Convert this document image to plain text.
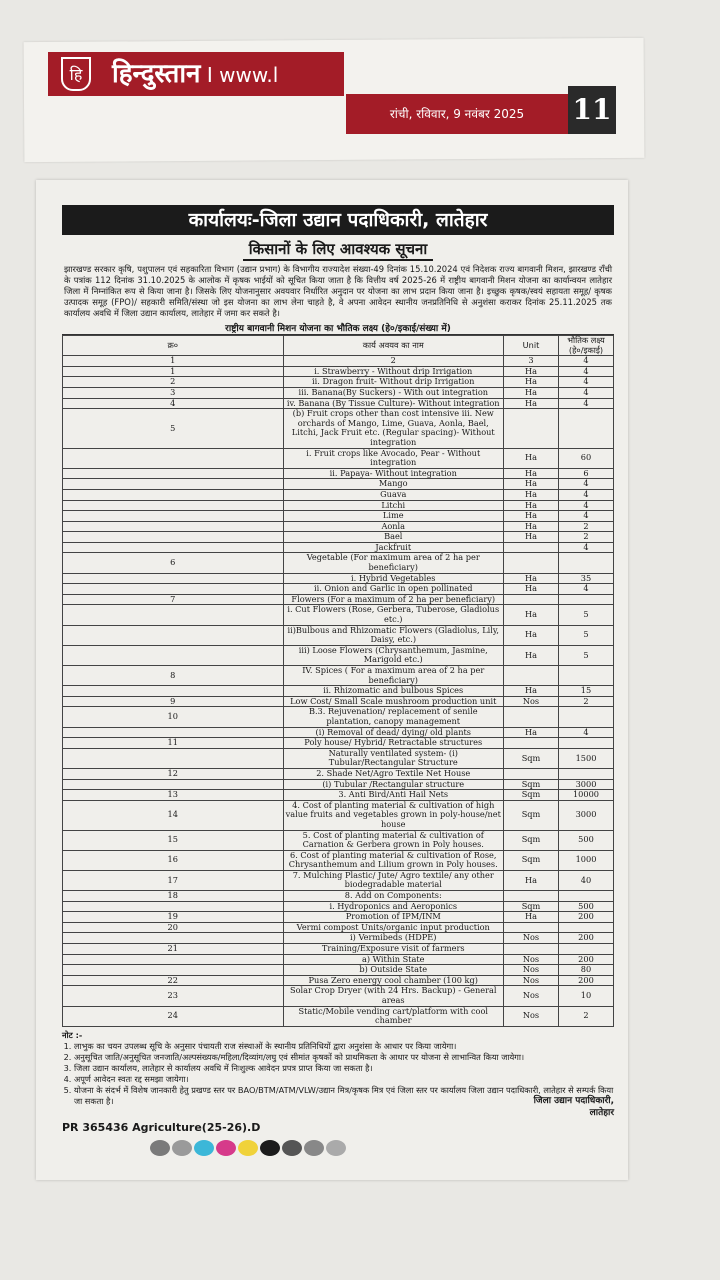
हि	हिन्दुस्तान I www.l
रांची, रविवार, 9 नवंबर 2025	11
कार्यालयः-जिला उद्यान पदाधिकारी, लातेहार
किसानों के लिए आवश्यक सूचना
झारखण्ड सरकार कृषि, पशुपालन एवं सहकारिता विभाग (उद्यान प्रभाग) के विभागीय राज्यादेश संख्या-49 दिनांक 15.10.2024 एवं निदेशक राज्य बागवानी मिशन, झारखण्ड राँची के पत्रांक 112 दिनांक 31.10.2025 के आलोक में कृषक भाईयों को सूचित किया जाता है कि वित्तीय वर्ष 2025-26 में राष्ट्रीय बागवानी मिशन योजना का कार्यान्वयन लातेहार जिला में निम्नांकित रूप से किया जाना है। जिसके लिए योजनानुसार अवयवार निर्धारित अनुदान पर योजना का लाभ प्रदान किया जाना है। इच्छुक कृषक/स्वयं सहायता समूह/ कृषक उत्पादक समूह (FPO)/ सहकारी समिति/संस्था जो इस योजना का लाभ लेना चाहते है, वे अपना आवेदन स्थानीय जनप्रतिनिधि से अनुशंसा कराकर दिनांक 25.11.2025 तक कार्यालय अवधि में जिला उद्यान कार्यालय, लातेहार में जमा कर सकते है।
राष्ट्रीय बागवानी मिशन योजना का भौतिक लक्ष्य (हे०/इकाई/संख्या में)
क्र०	कार्य अवयव का नाम	Unit	भौतिक लक्ष्य (हे०/इकाई)
1	2	3	4
1	i. Strawberry - Without drip Irrigation	Ha	4
2	ii. Dragon fruit- Without drip Irrigation	Ha	4
3	iii. Banana(By Suckers) - With out integration	Ha	4
4	iv. Banana (By Tissue Culture)- Without integration	Ha	4
5	(b) Fruit crops other than cost intensive iii. New orchards of Mango, Lime, Guava, Aonla, Bael, Litchi, Jack Fruit etc. (Regular spacing)- Without integration		
	i. Fruit crops like Avocado, Pear - Without integration	Ha	60
	ii. Papaya- Without integration	Ha	6
	Mango	Ha	4
	Guava	Ha	4
	Litchi	Ha	4
	Lime	Ha	4
	Aonla	Ha	2
	Bael	Ha	2
	Jackfruit		4
6	Vegetable (For maximum area of 2 ha per beneficiary)		
	i. Hybrid Vegetables	Ha	35
	ii. Onion and Garlic in open pollinated	Ha	4
7	Flowers (For a maximum of 2 ha per beneficiary)		
	i. Cut Flowers (Rose, Gerbera, Tuberose, Gladiolus etc.)	Ha	5
	ii)Bulbous and Rhizomatic Flowers (Gladiolus, Lily, Daisy, etc.)	Ha	5
	iii) Loose Flowers (Chrysanthemum, Jasmine, Marigold etc.)	Ha	5
8	IV. Spices ( For a maximum area of 2 ha per beneficiary)		
	ii. Rhizomatic and bulbous Spices	Ha	15
9	Low Cost/ Small Scale mushroom production unit	Nos	2
10	B.3. Rejuvenation/ replacement of senile plantation, canopy management		
	(i) Removal of dead/ dying/ old plants	Ha	4
11	Poly house/ Hybrid/ Retractable structures		
	Naturally ventilated system- (i) Tubular/Rectangular Structure	Sqm	1500
12	2. Shade Net/Agro Textile Net House		
	(i) Tubular /Rectangular structure	Sqm	3000
13	3. Anti Bird/Anti Hail Nets	Sqm	10000
14	4. Cost of planting material & cultivation of high value fruits and vegetables grown in poly-house/net house	Sqm	3000
15	5. Cost of planting material & cultivation of Carnation & Gerbera grown in Poly houses.	Sqm	500
16	6. Cost of planting material & cultivation of Rose, Chrysanthemum and Lilium grown in Poly houses.	Sqm	1000
17	7. Mulching Plastic/ Jute/ Agro textile/ any other biodegradable material	Ha	40
18	8. Add on Components:		
	i. Hydroponics and Aeroponics	Sqm	500
19	Promotion of IPM/INM	Ha	200
20	Vermi compost Units/organic input production		
	i) Vermibeds (HDPE)	Nos	200
21	Training/Exposure visit of farmers		
	a) Within State	Nos	200
	b) Outside State	Nos	80
22	Pusa Zero energy cool chamber (100 kg)	Nos	200
23	Solar Crop Dryer (with 24 Hrs. Backup) - General areas	Nos	10
24	Static/Mobile vending cart/platform with cool chamber	Nos	2
नोट :-
1. लाभुक का चयन उपलब्ध सूचि के अनुसार पंचायती राज संस्थाओं के स्थानीय प्रतिनिधियों द्वारा अनुशंसा के आधार पर किया जायेगा।
2. अनुसूचित जाति/अनुसूचित जनजाति/अल्पसंख्यक/महिला/दिव्यांग/लघु एवं सीमांत कृषकों को प्राथमिकता के आधार पर योजना से लाभान्वित किया जायेगा।
3. जिला उद्यान कार्यालय, लातेहार से कार्यालय अवधि में निःशुल्क आवेदन प्रपत्र प्राप्त किया जा सकता है।
4. अपूर्ण आवेदन स्वतः रद्द समझा जायेगा।
5. योजना के संदर्भ में विशेष जानकारी हेतु प्रखण्ड स्तर पर BAO/BTM/ATM/VLW/उद्यान मित्र/कृषक मित्र एवं जिला स्तर पर कार्यालय जिला उद्यान पदाधिकारी, लातेहार से सम्पर्क किया जा सकता है।	जिला उद्यान पदाधिकारी,
लातेहार
PR 365436 Agriculture(25-26).D
